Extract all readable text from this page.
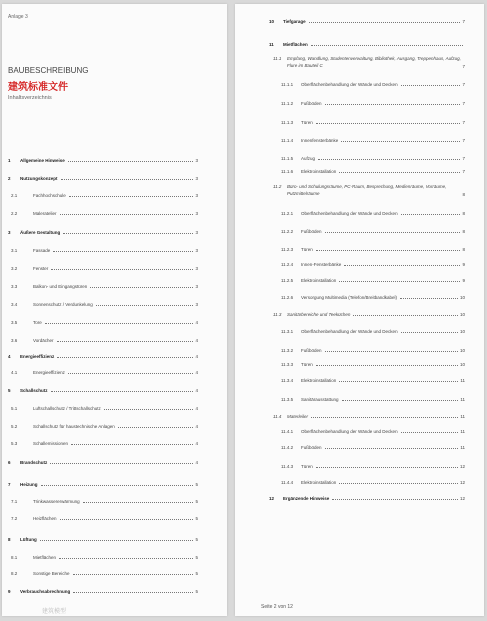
Anlage 3
BAUBESCHREIBUNG
建筑标准文件
Inhaltsverzeichnis
1	Allgemeine Hinweise	3
2	Nutzungskonzept	3
2.1	Fachhochschule	3
2.2	Maleratelier	3
3	Äußere Gestaltung	3
3.1	Fassade	3
3.2	Fenster	3
3.3	Balkon- und Eingangstüren	3
3.4	Sonnenschutz / Verdunkelung	3
3.5	Tore	4
3.6	Vordächer	4
4	Energieeffizienz	4
4.1	Energieeffizienz	4
5	Schallschutz	4
5.1	Luftschallschutz / Trittschallschutz	4
5.2	Schallschutz für haustechnische Anlagen	4
5.3	Schallemissionen	4
6	Brandschutz	4
7	Heizung	5
7.1	Trinkwassererwärmung	5
7.2	Heizflächen	5
8	Lüftung	5
8.1	Mietflächen	5
8.2	Sonstige Bereiche	5
9	Verbrauchsabrechnung	5
建筑模型
10	Tiefgarage	7
11	Mietflächen
11.1	Empfang, Wandlung, Studentenverwaltung, Bibliothek, Ausgang, Treppenhaus, Aufzug, Flure im Bauteil C	7
11.1.1	Oberflächenbehandlung der Wände und Decken	7
11.1.2	Fußböden	7
11.1.3	Türen	7
11.1.4	Innenfensterbänke	7
11.1.5	Aufzug	7
11.1.6	Elektroinstallation	7
11.2	Büro- und Schulungsräume, PC-Raum, Besprechung, Medienräume, Vorräume, Putzmittelräume	8
11.2.1	Oberflächenbehandlung der Wände und Decken	8
11.2.2	Fußböden	8
11.2.3	Türen	8
11.2.4	Innen-Fensterbänke	9
11.2.5	Elektroinstallation	9
11.2.6	Versorgung Multimedia (Telefon/Breitbandkabel)	10
11.3	Sanitärbereiche und Teeküchen	10
11.3.1	Oberflächenbehandlung der Wände und Decken	10
11.3.2	Fußböden	10
11.3.3	Türen	10
11.3.4	Elektroinstallation	11
11.3.5	Sanitärausstattung	11
11.4	Materleiler	11
11.4.1	Oberflächenbehandlung der Wände und Decken	11
11.4.2	Fußböden	11
11.4.3	Türen	12
11.4.4	Elektroinstallation	12
12	Ergänzende Hinweise	12
Seite 2 von 12
